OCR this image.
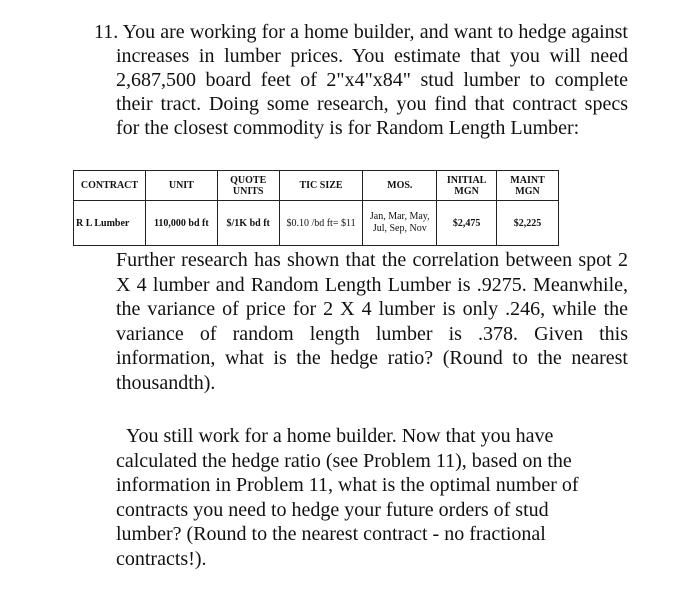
11. You are working for a home builder, and want to hedge against increases in lumber prices. You estimate that you will need 2,687,500 board feet of 2"x4"x84" stud lumber to complete their tract. Doing some research, you find that contract specs for the closest commodity is for Random Length Lumber:

CONTRACT	UNIT	QUOTE UNITS	TIC SIZE	MOS.	INITIAL MGN	MAINT MGN
R L Lumber	110,000 bd ft	$/1K bd ft	$0.10 /bd ft= $11	Jan, Mar, May, Jul, Sep, Nov	$2,475	$2,225

Further research has shown that the correlation between spot 2 X 4 lumber and Random Length Lumber is .9275. Meanwhile, the variance of price for 2 X 4 lumber is only .246, while the variance of random length lumber is .378. Given this information, what is the hedge ratio? (Round to the nearest thousandth).

You still work for a home builder. Now that you have calculated the hedge ratio (see Problem 11), based on the information in Problem 11, what is the optimal number of contracts you need to hedge your future orders of stud lumber? (Round to the nearest contract - no fractional contracts!).
